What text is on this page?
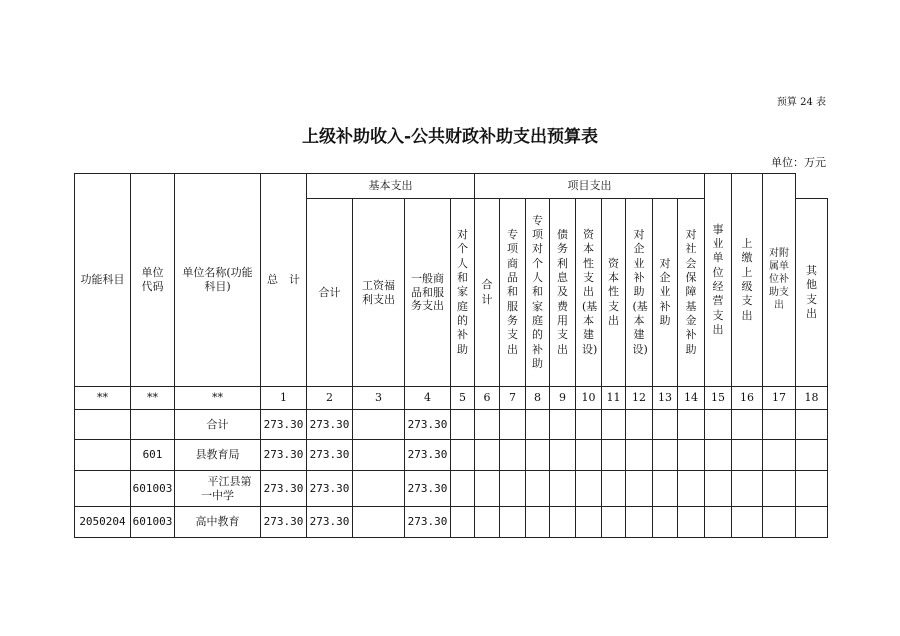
预算 24 表
上级补助收入-公共财政补助支出预算表
单位：万元
功能科目	单位代码	单位名称(功能科目)	总　计	基本支出				项目支出									事业单位经营支出	上缴上级支出	对附属单位补助支出	
				合计	工资福利支出	一般商品和服务支出	对个人和家庭的补助	合计	专项商品和服务支出	专项对个人和家庭的补助	债务利息及费用支出	资本性支出(基本建设)	资本性支出	对企业补助(基本建设)	对企业补助	对社会保障基金补助				其他支出
**	**	**	1	2	3	4	5	6	7	8	9	10	11	12	13	14	15	16	17	18
		合计	273.30	273.30		273.30														
	601	县教育局	273.30	273.30		273.30														
	601003	平江县第一中学	273.30	273.30		273.30														
2050204	601003	高中教育	273.30	273.30		273.30														
